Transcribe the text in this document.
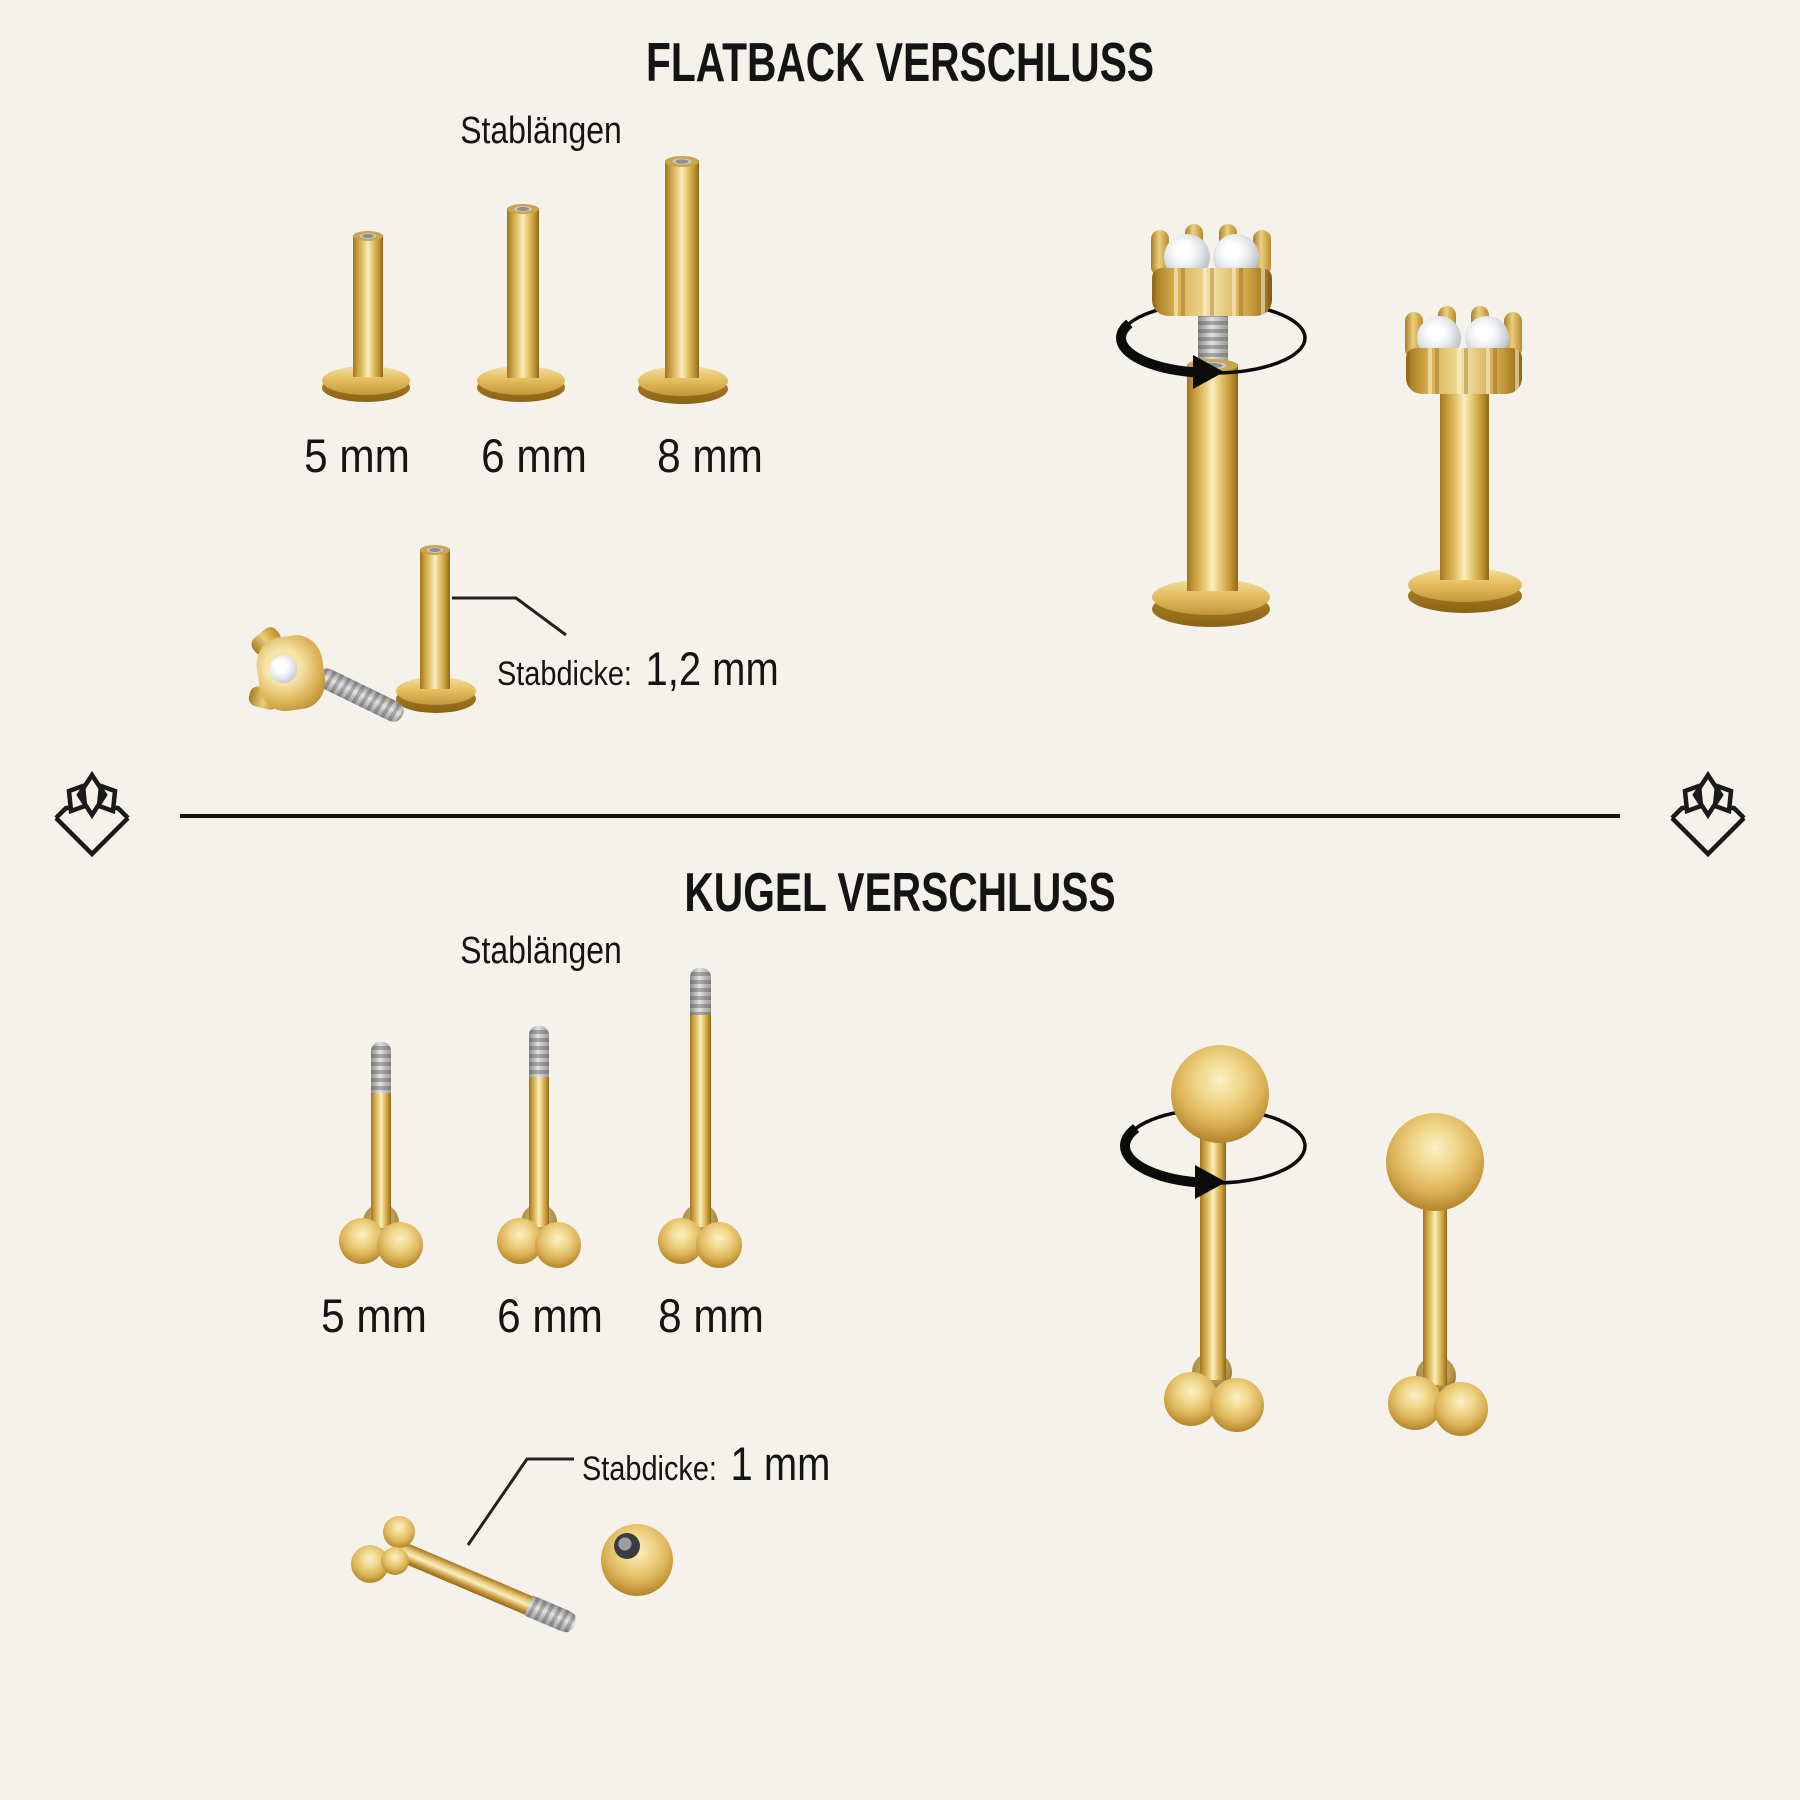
FLATBACK VERSCHLUSS
Stablängen
5 mm	6 mm	8 mm
Stabdicke: 1,2 mm
KUGEL VERSCHLUSS
Stablängen
5 mm	6 mm	8 mm
Stabdicke: 1 mm
